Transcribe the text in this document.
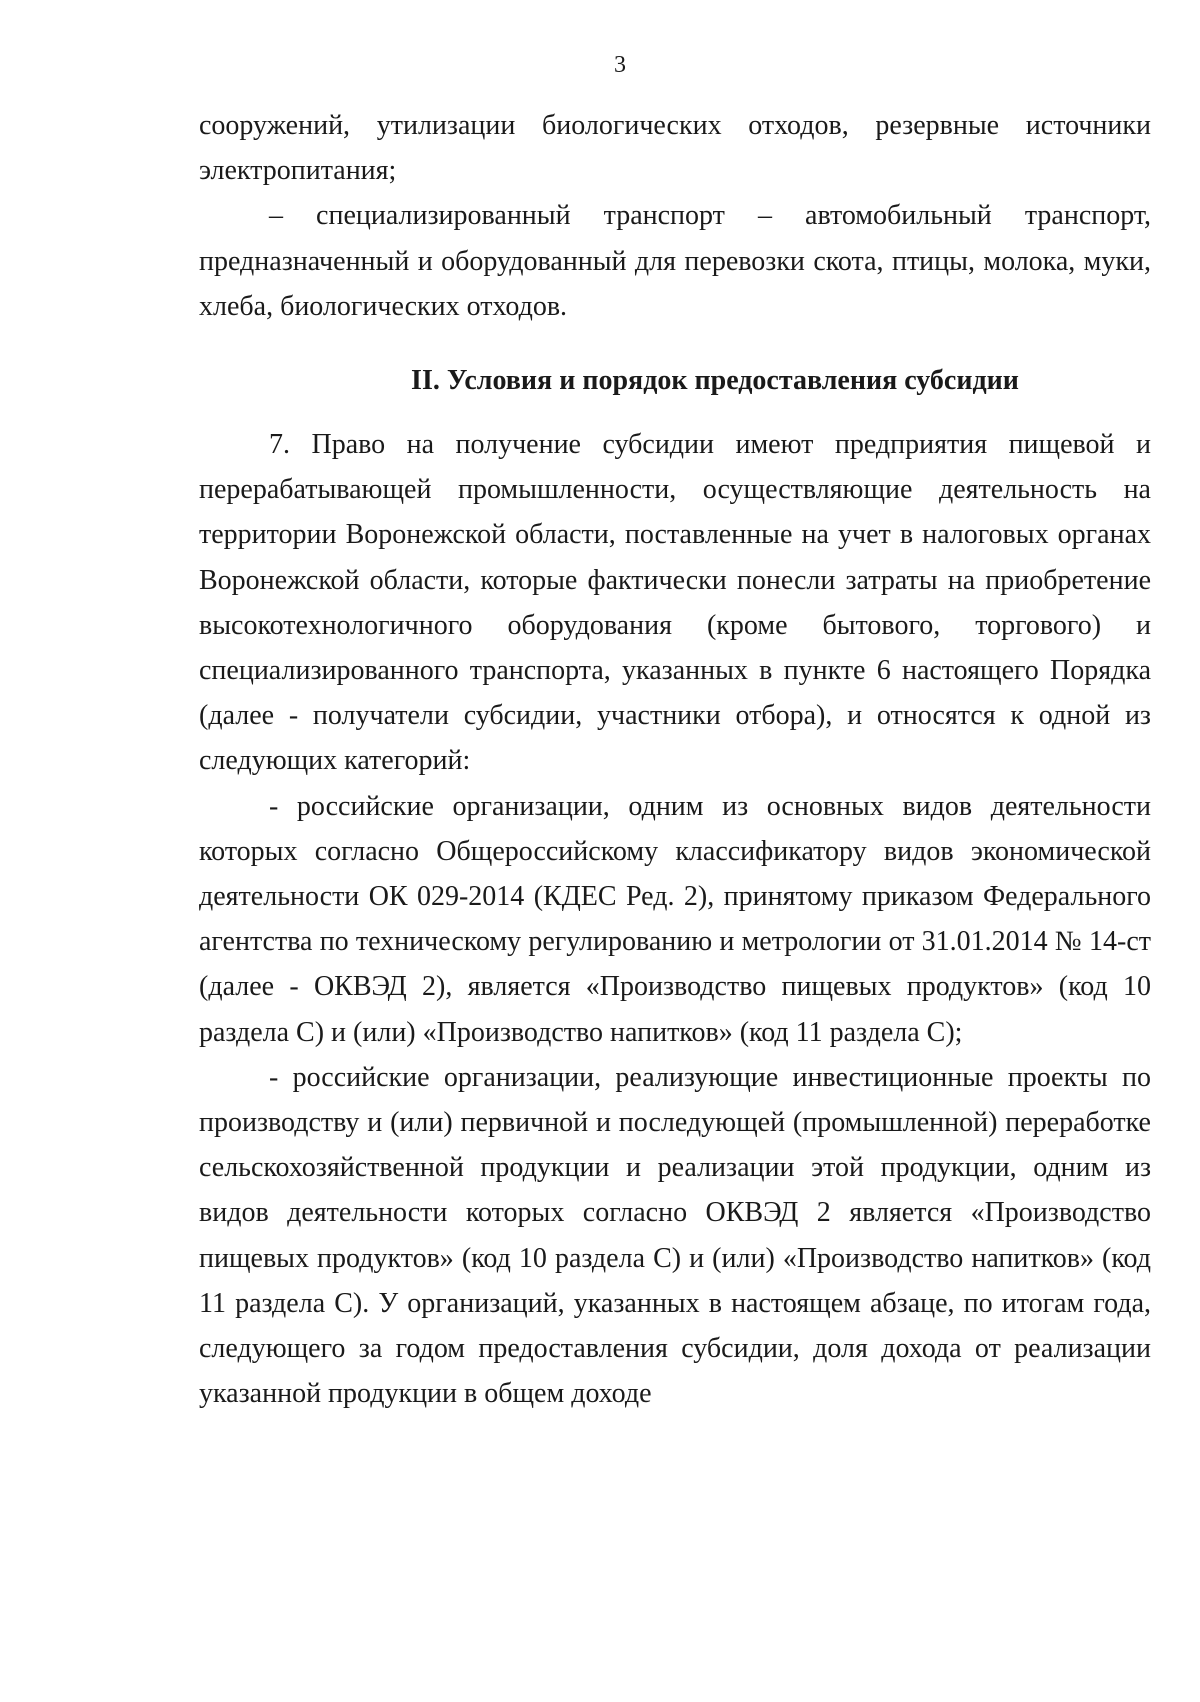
3

сооружений, утилизации биологических отходов, резервные источники электропитания;

– специализированный транспорт – автомобильный транспорт, предназначенный и оборудованный для перевозки скота, птицы, молока, муки, хлеба, биологических отходов.

II. Условия и порядок предоставления субсидии

7. Право на получение субсидии имеют предприятия пищевой и перерабатывающей промышленности, осуществляющие деятельность на территории Воронежской области, поставленные на учет в налоговых органах Воронежской области, которые фактически понесли затраты на приобретение высокотехнологичного оборудования (кроме бытового, торгового) и специализированного транспорта, указанных в пункте 6 настоящего Порядка (далее - получатели субсидии, участники отбора), и относятся к одной из следующих категорий:

- российские организации, одним из основных видов деятельности которых согласно Общероссийскому классификатору видов экономической деятельности ОК 029-2014 (КДЕС Ред. 2), принятому приказом Федерального агентства по техническому регулированию и метрологии от 31.01.2014 № 14-ст (далее - ОКВЭД 2), является «Производство пищевых продуктов» (код 10 раздела С) и (или) «Производство напитков» (код 11 раздела С);

- российские организации, реализующие инвестиционные проекты по производству и (или) первичной и последующей (промышленной) переработке сельскохозяйственной продукции и реализации этой продукции, одним из видов деятельности которых согласно ОКВЭД 2 является «Производство пищевых продуктов» (код 10 раздела С) и (или) «Производство напитков» (код 11 раздела С). У организаций, указанных в настоящем абзаце, по итогам года, следующего за годом предоставления субсидии, доля дохода от реализации указанной продукции в общем доходе
